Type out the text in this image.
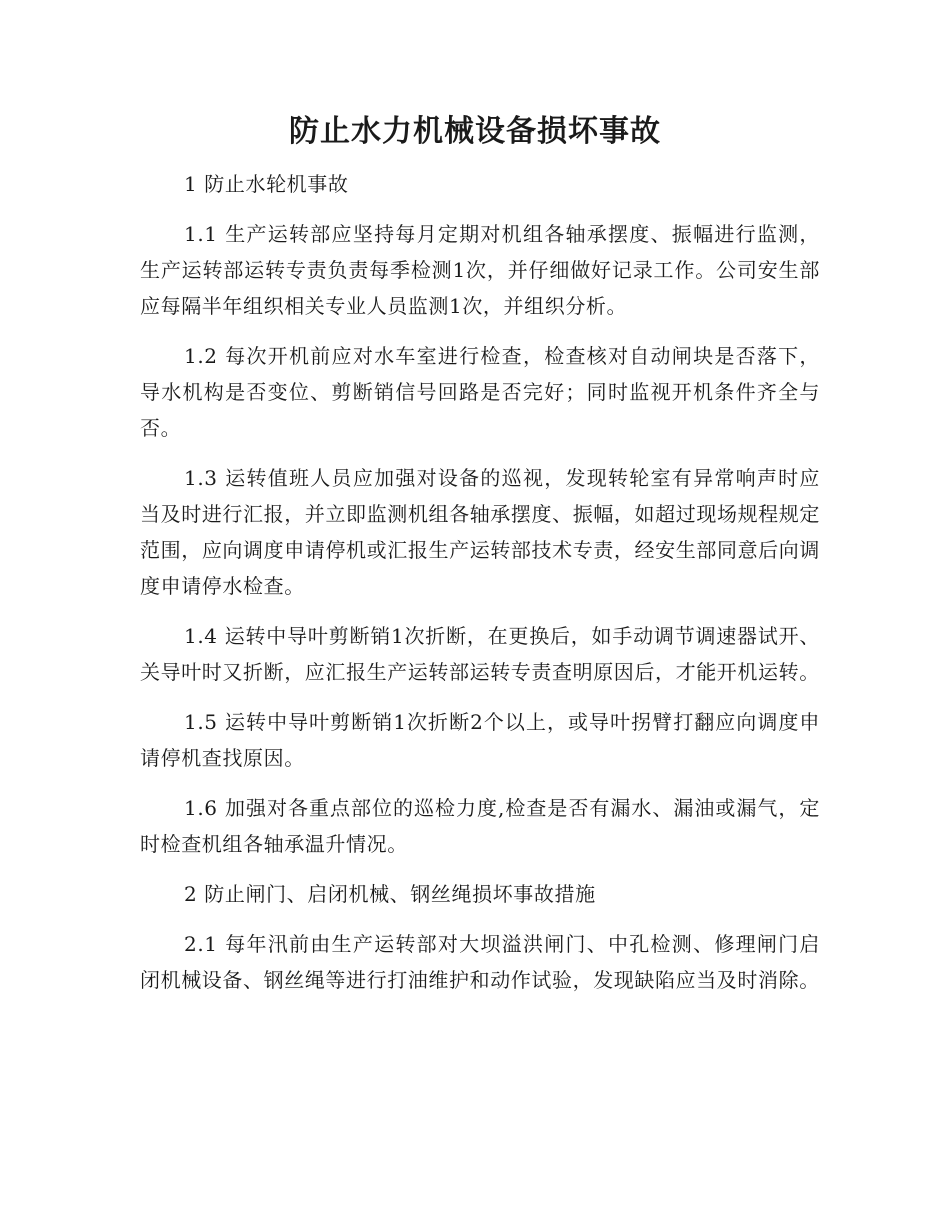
防止水力机械设备损坏事故

1 防止水轮机事故

1.1 生产运转部应坚持每月定期对机组各轴承摆度、振幅进行监测，生产运转部运转专责负责每季检测1次，并仔细做好记录工作。公司安生部应每隔半年组织相关专业人员监测1次，并组织分析。

1.2 每次开机前应对水车室进行检查，检查核对自动闸块是否落下，导水机构是否变位、剪断销信号回路是否完好；同时监视开机条件齐全与否。

1.3 运转值班人员应加强对设备的巡视，发现转轮室有异常响声时应当及时进行汇报，并立即监测机组各轴承摆度、振幅，如超过现场规程规定范围，应向调度申请停机或汇报生产运转部技术专责，经安生部同意后向调度申请停水检查。

1.4 运转中导叶剪断销1次折断，在更换后，如手动调节调速器试开、关导叶时又折断，应汇报生产运转部运转专责查明原因后，才能开机运转。

1.5 运转中导叶剪断销1次折断2个以上，或导叶拐臂打翻应向调度申请停机查找原因。

1.6 加强对各重点部位的巡检力度,检查是否有漏水、漏油或漏气，定时检查机组各轴承温升情况。

2 防止闸门、启闭机械、钢丝绳损坏事故措施

2.1 每年汛前由生产运转部对大坝溢洪闸门、中孔检测、修理闸门启闭机械设备、钢丝绳等进行打油维护和动作试验，发现缺陷应当及时消除。
